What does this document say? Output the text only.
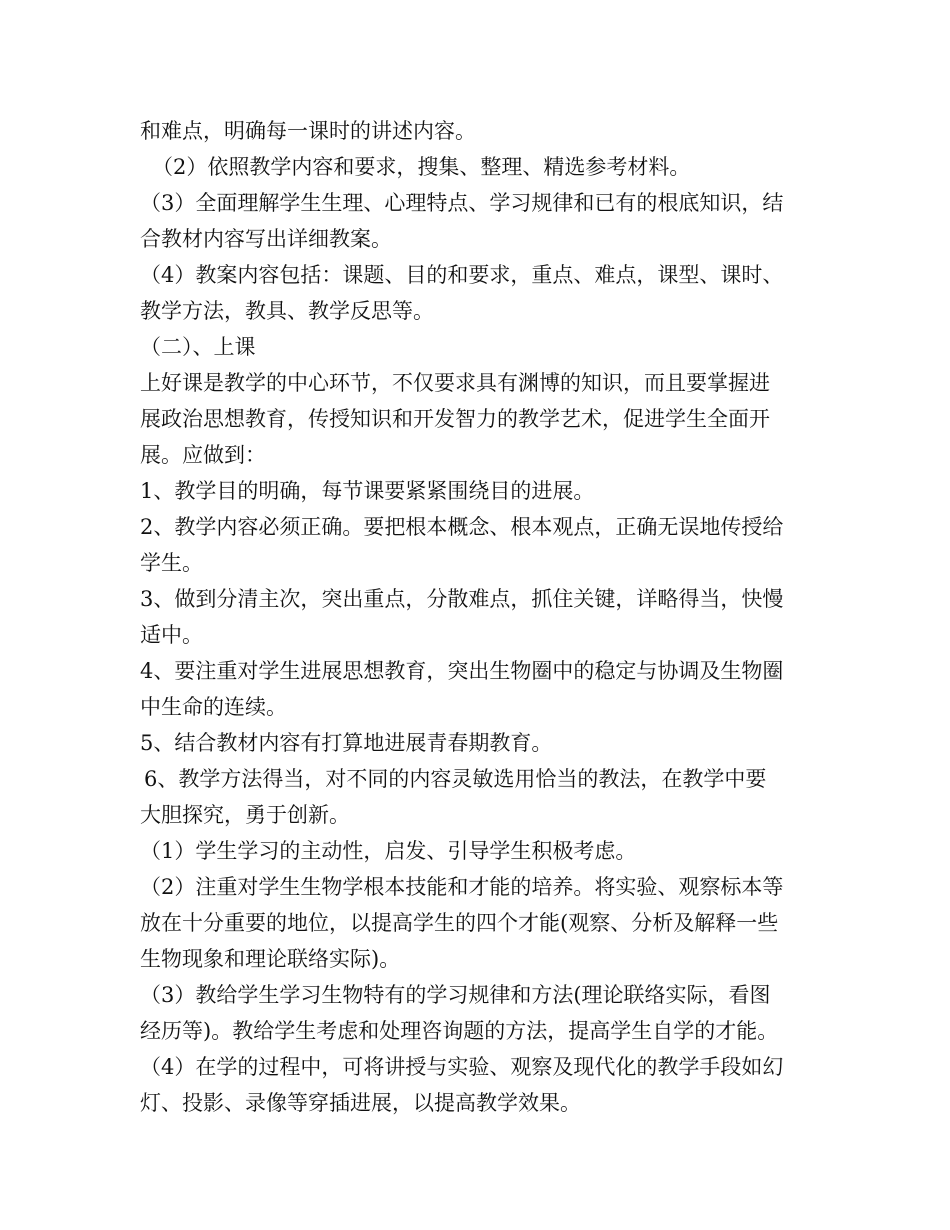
和难点，明确每一课时的讲述内容。

（2）依照教学内容和要求，搜集、整理、精选参考材料。

（3）全面理解学生生理、心理特点、学习规律和已有的根底知识，结

合教材内容写出详细教案。

（4）教案内容包括：课题、目的和要求，重点、难点，课型、课时、

教学方法，教具、教学反思等。

（二）、上课

上好课是教学的中心环节，不仅要求具有渊博的知识，而且要掌握进

展政治思想教育，传授知识和开发智力的教学艺术，促进学生全面开

展。应做到：

1、教学目的明确，每节课要紧紧围绕目的进展。

2、教学内容必须正确。要把根本概念、根本观点，正确无误地传授给

学生。

3、做到分清主次，突出重点，分散难点，抓住关键，详略得当，快慢

适中。

4、要注重对学生进展思想教育，突出生物圈中的稳定与协调及生物圈

中生命的连续。

5、结合教材内容有打算地进展青春期教育。

6、教学方法得当，对不同的内容灵敏选用恰当的教法，在教学中要

大胆探究，勇于创新。

（1）学生学习的主动性，启发、引导学生积极考虑。

（2）注重对学生生物学根本技能和才能的培养。将实验、观察标本等

放在十分重要的地位，以提高学生的四个才能(观察、分析及解释一些

生物现象和理论联络实际)。

（3）教给学生学习生物特有的学习规律和方法(理论联络实际，看图

经历等)。教给学生考虑和处理咨询题的方法，提高学生自学的才能。

（4）在学的过程中，可将讲授与实验、观察及现代化的教学手段如幻

灯、投影、录像等穿插进展，以提高教学效果。
